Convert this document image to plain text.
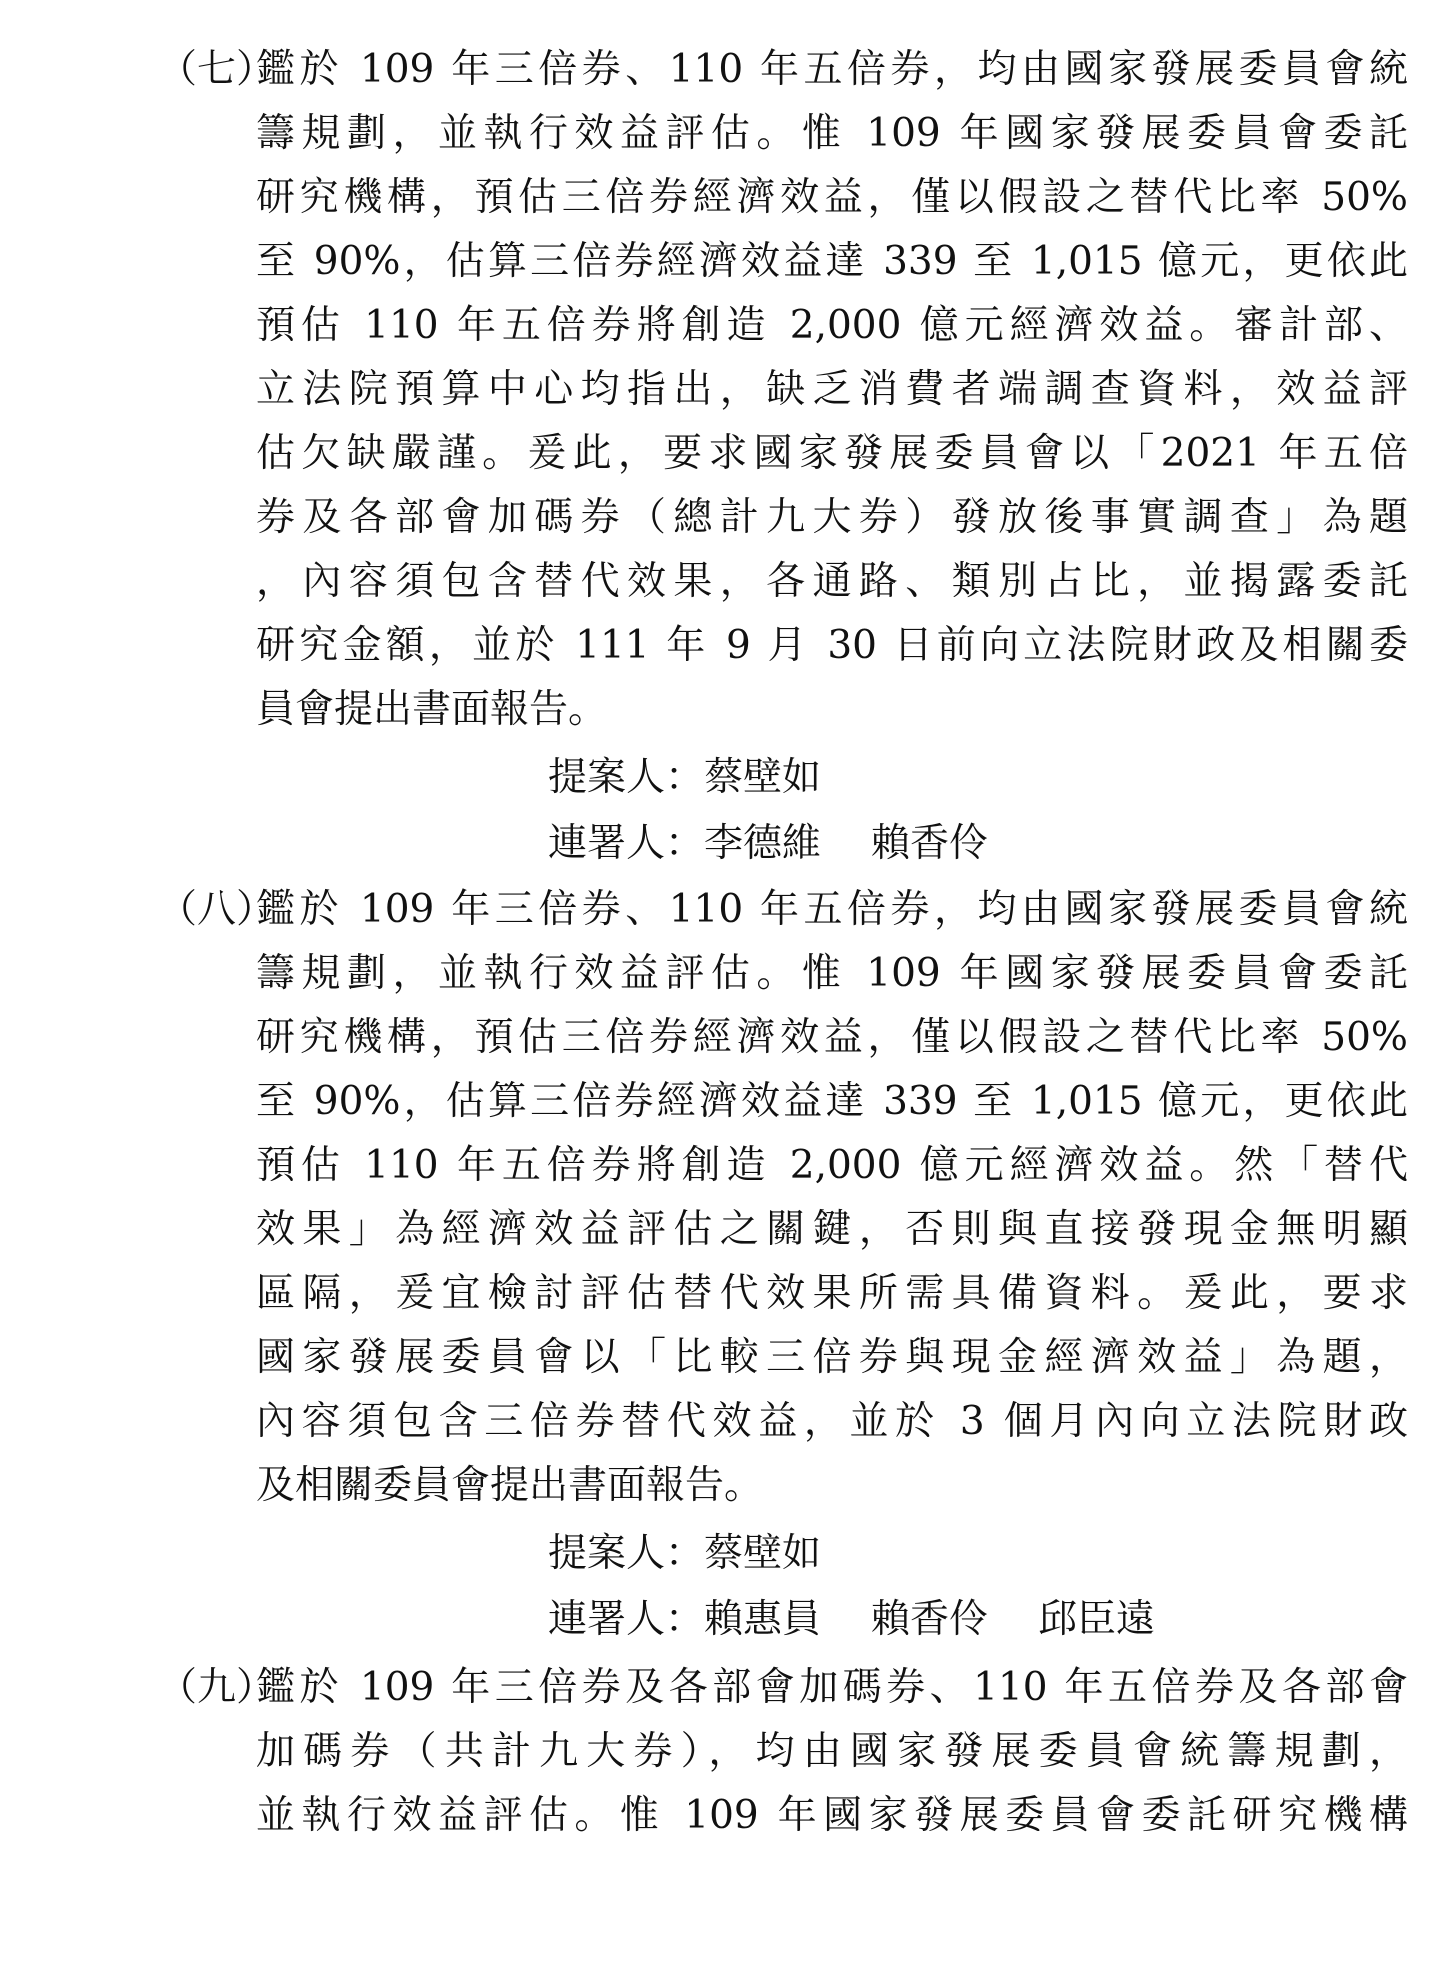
（七）鑑於 109 年三倍券、110 年五倍券，均由國家發展委員會統
籌規劃，並執行效益評估。惟 109 年國家發展委員會委託
研究機構，預估三倍券經濟效益，僅以假設之替代比率 50%
至 90%，估算三倍券經濟效益達 339 至 1,015 億元，更依此
預估 110 年五倍券將創造 2,000 億元經濟效益。審計部、
立法院預算中心均指出，缺乏消費者端調查資料，效益評
估欠缺嚴謹。爰此，要求國家發展委員會以「2021 年五倍
券及各部會加碼券（總計九大券）發放後事實調查」為題
，內容須包含替代效果，各通路、類別占比，並揭露委託
研究金額，並於 111 年 9 月 30 日前向立法院財政及相關委
員會提出書面報告。
提案人：蔡壁如
連署人：李德維 賴香伶
（八）鑑於 109 年三倍券、110 年五倍券，均由國家發展委員會統
籌規劃，並執行效益評估。惟 109 年國家發展委員會委託
研究機構，預估三倍券經濟效益，僅以假設之替代比率 50%
至 90%，估算三倍券經濟效益達 339 至 1,015 億元，更依此
預估 110 年五倍券將創造 2,000 億元經濟效益。然「替代
效果」為經濟效益評估之關鍵，否則與直接發現金無明顯
區隔，爰宜檢討評估替代效果所需具備資料。爰此，要求
國家發展委員會以「比較三倍券與現金經濟效益」為題，
內容須包含三倍券替代效益，並於 3 個月內向立法院財政
及相關委員會提出書面報告。
提案人：蔡壁如
連署人：賴惠員 賴香伶 邱臣遠
（九）鑑於 109 年三倍券及各部會加碼券、110 年五倍券及各部會
加碼券（共計九大券），均由國家發展委員會統籌規劃，
並執行效益評估。惟 109 年國家發展委員會委託研究機構
